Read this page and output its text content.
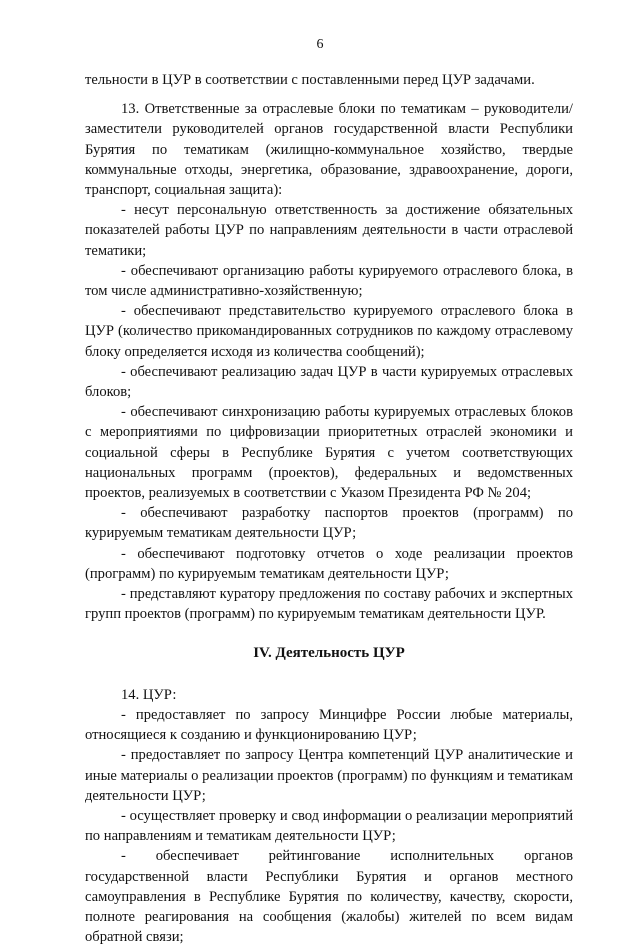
6

тельности в ЦУР в соответствии с поставленными перед ЦУР задачами.

13. Ответственные за отраслевые блоки по тематикам – руководители/заместители руководителей органов государственной власти Республики Бурятия по тематикам (жилищно-коммунальное хозяйство, твердые коммунальные отходы, энергетика, образование, здравоохранение, дороги, транспорт, социальная защита):

- несут персональную ответственность за достижение обязательных показателей работы ЦУР по направлениям деятельности в части отраслевой тематики;

- обеспечивают организацию работы курируемого отраслевого блока, в том числе административно-хозяйственную;

- обеспечивают представительство курируемого отраслевого блока в ЦУР (количество прикомандированных сотрудников по каждому отраслевому блоку определяется исходя из количества сообщений);

- обеспечивают реализацию задач ЦУР в части курируемых отраслевых блоков;

- обеспечивают синхронизацию работы курируемых отраслевых блоков с мероприятиями по цифровизации приоритетных отраслей экономики и социальной сферы в Республике Бурятия с учетом соответствующих национальных программ (проектов), федеральных и ведомственных проектов, реализуемых в соответствии с Указом Президента РФ № 204;

- обеспечивают разработку паспортов проектов (программ) по курируемым тематикам деятельности ЦУР;

- обеспечивают подготовку отчетов о ходе реализации проектов (программ) по курируемым тематикам деятельности ЦУР;

- представляют куратору предложения по составу рабочих и экспертных групп проектов (программ) по курируемым тематикам деятельности ЦУР.

IV. Деятельность ЦУР

14. ЦУР:

- предоставляет по запросу Минцифре России любые материалы, относящиеся к созданию и функционированию ЦУР;

- предоставляет по запросу Центра компетенций ЦУР аналитические и иные материалы о реализации проектов (программ) по функциям и тематикам деятельности ЦУР;

- осуществляет проверку и свод информации о реализации мероприятий по направлениям и тематикам деятельности ЦУР;

- обеспечивает рейтингование исполнительных органов государственной власти Республики Бурятия и органов местного самоуправления в Республике Бурятия по количеству, качеству, скорости, полноте реагирования на сообщения (жалобы) жителей по всем видам обратной связи;
